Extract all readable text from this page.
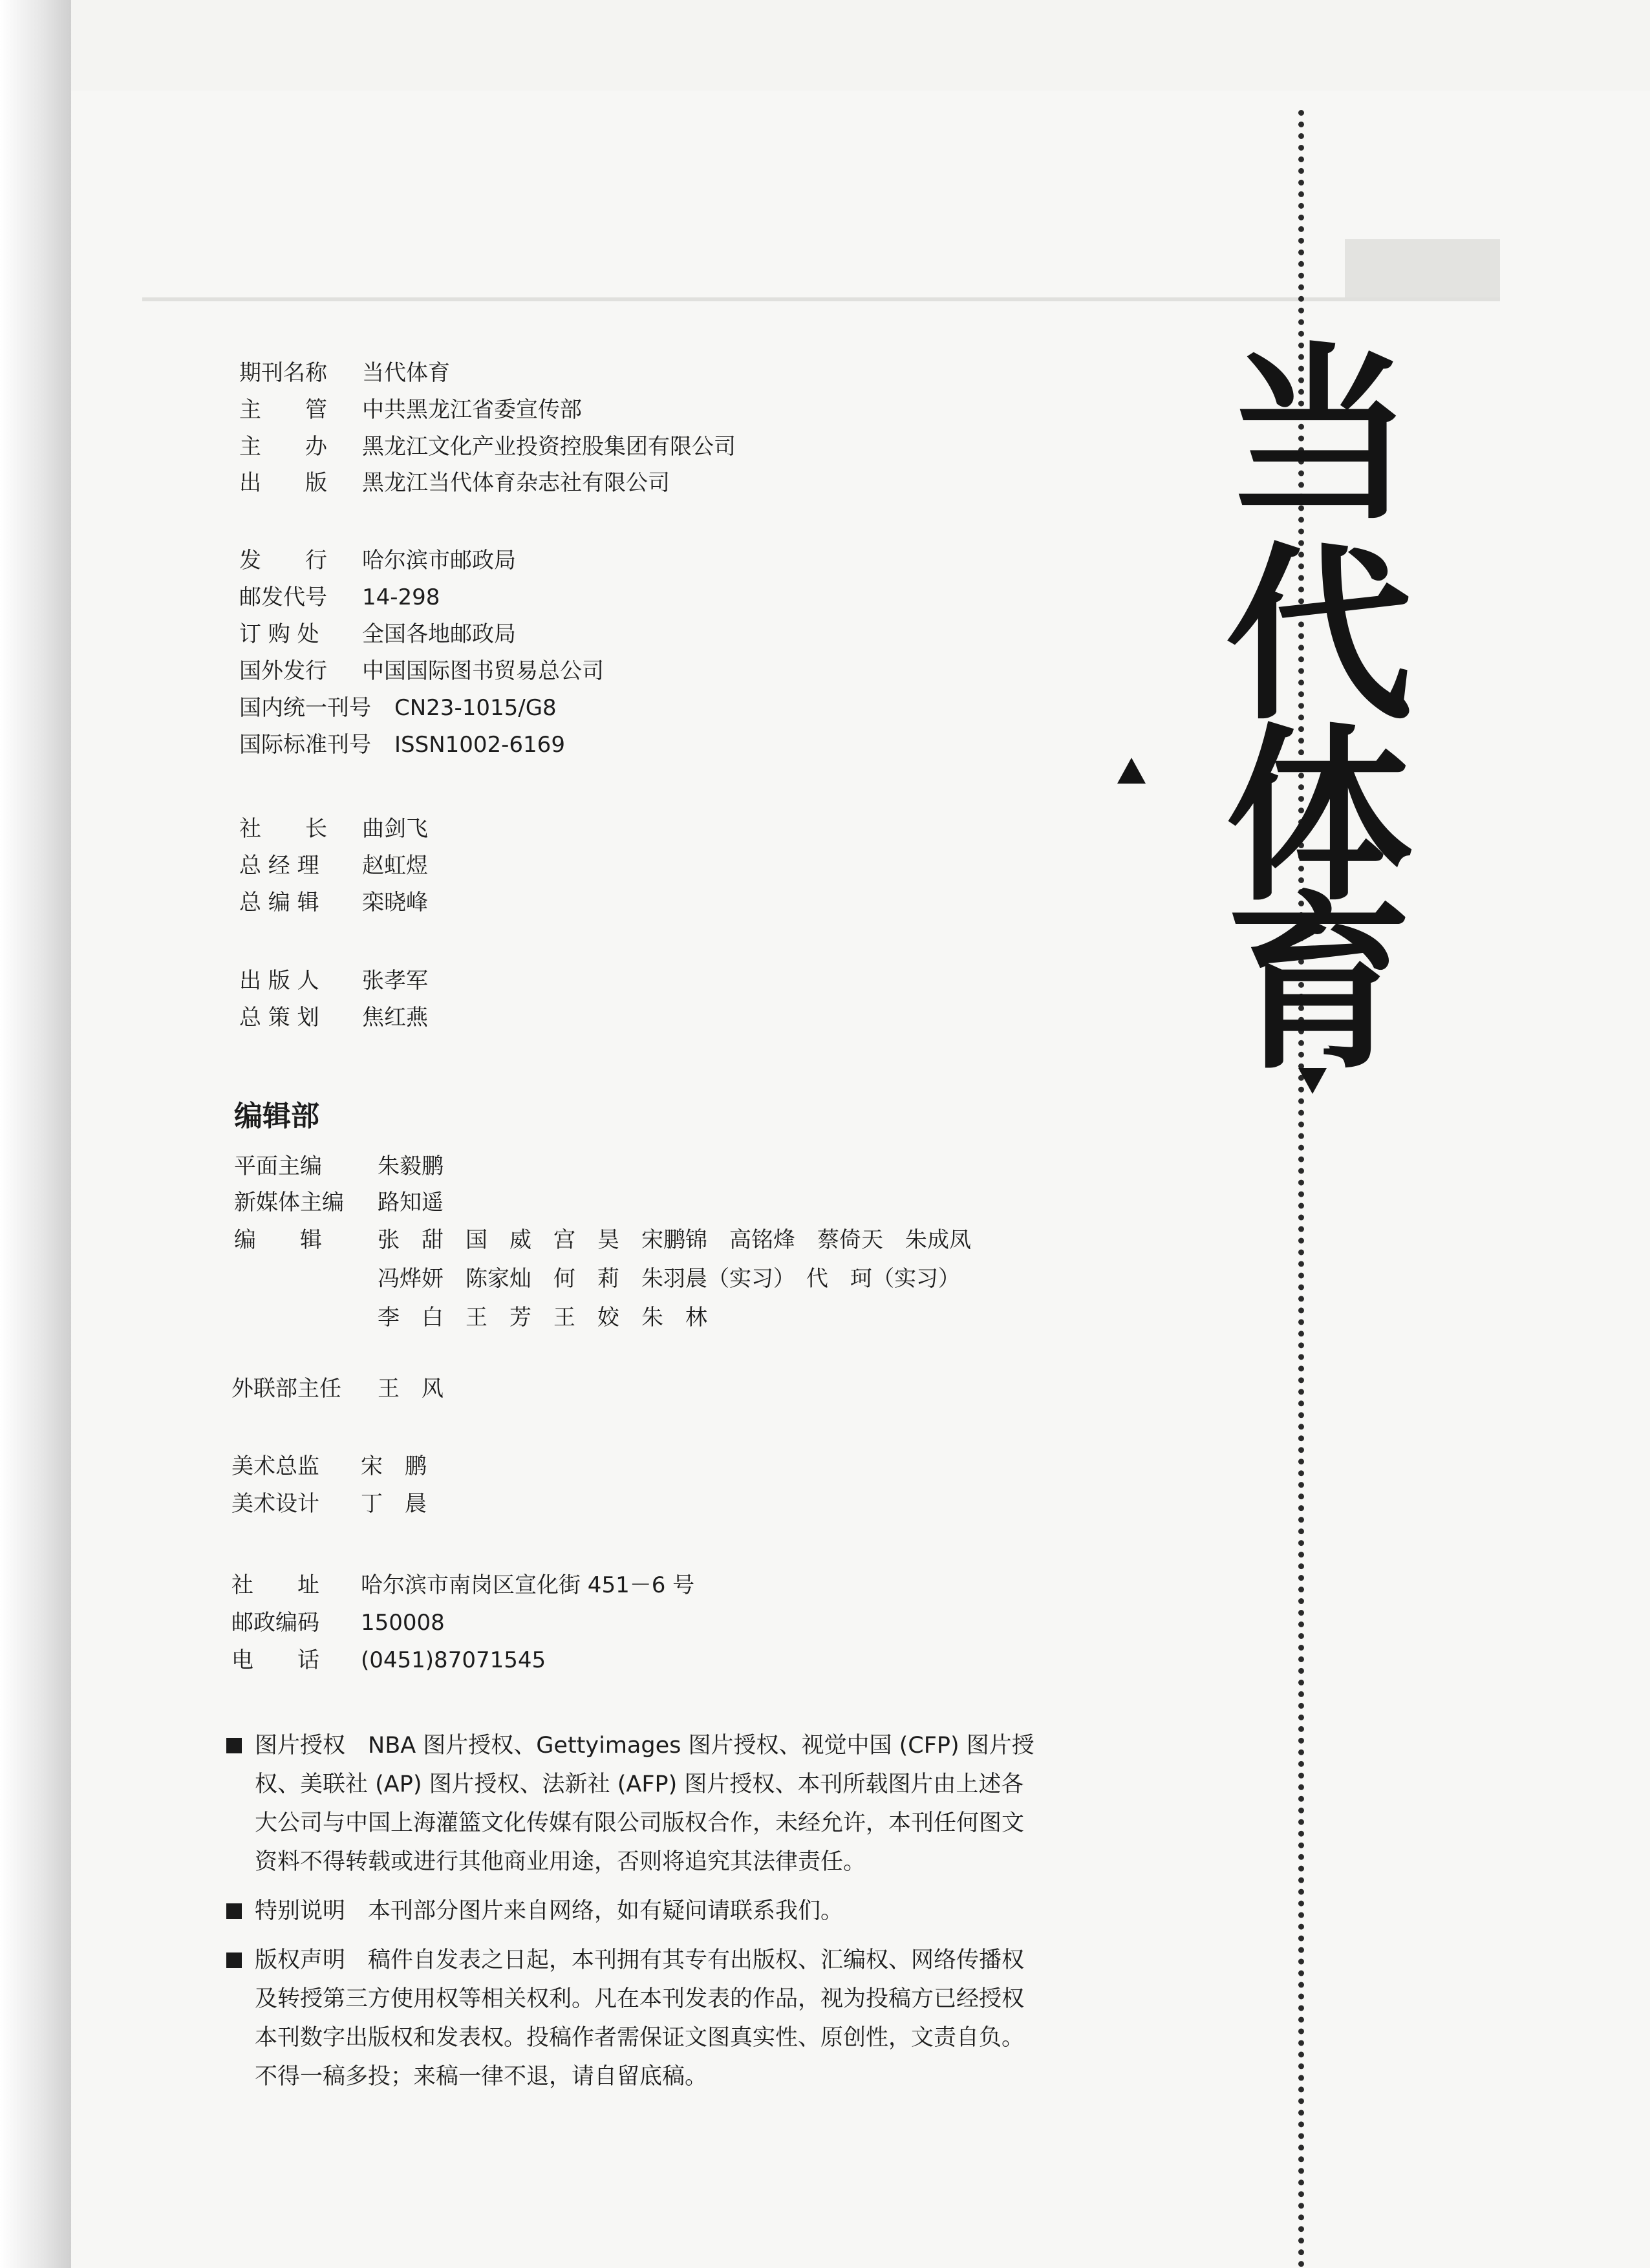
期刊名称 当代体育
主　　管 中共黑龙江省委宣传部
主　　办 黑龙江文化产业投资控股集团有限公司
出　　版 黑龙江当代体育杂志社有限公司
发　　行 哈尔滨市邮政局
邮发代号 14-298
订 购 处 全国各地邮政局
国外发行 中国国际图书贸易总公司
国内统一刊号 CN23-1015/G8
国际标准刊号 ISSN1002-6169
社　　长 曲剑飞
总 经 理 赵虹煜
总 编 辑 栾晓峰
出 版 人 张孝军
总 策 划 焦红燕
编辑部
平面主编	朱毅鹏
新媒体主编 路知遥
编　　辑	张　甜　国　威　宫　昊　宋鹏锦　高铭烽　蔡倚天　朱成凤
冯烨妍　陈家灿　何　莉　朱羽晨（实习）　代　珂（实习）
李　白　王　芳　王　姣　朱　林
外联部主任 王　风
美术总监 宋　鹏
美术设计 丁　晨
社　　址 哈尔滨市南岗区宣化街 451－6 号
邮政编码 150008
电　　话 (0451)87071545
图片授权　 NBA 图片授权、Gettyimages 图片授权、视觉中国 (CFP) 图片授权、美联社 (AP) 图片授权、法新社 (AFP) 图片授权、本刊所载图片由上述各大公司与中国上海灌篮文化传媒有限公司版权合作，未经允许，本刊任何图文资料不得转载或进行其他商业用途，否则将追究其法律责任。
特别说明　 本刊部分图片来自网络，如有疑问请联系我们。
版权声明　 稿件自发表之日起，本刊拥有其专有出版权、汇编权、网络传播权及转授第三方使用权等相关权利。凡在本刊发表的作品，视为投稿方已经授权本刊数字出版权和发表权。投稿作者需保证文图真实性、原创性，文责自负。不得一稿多投；来稿一律不退，请自留底稿。
当
代
体
育
